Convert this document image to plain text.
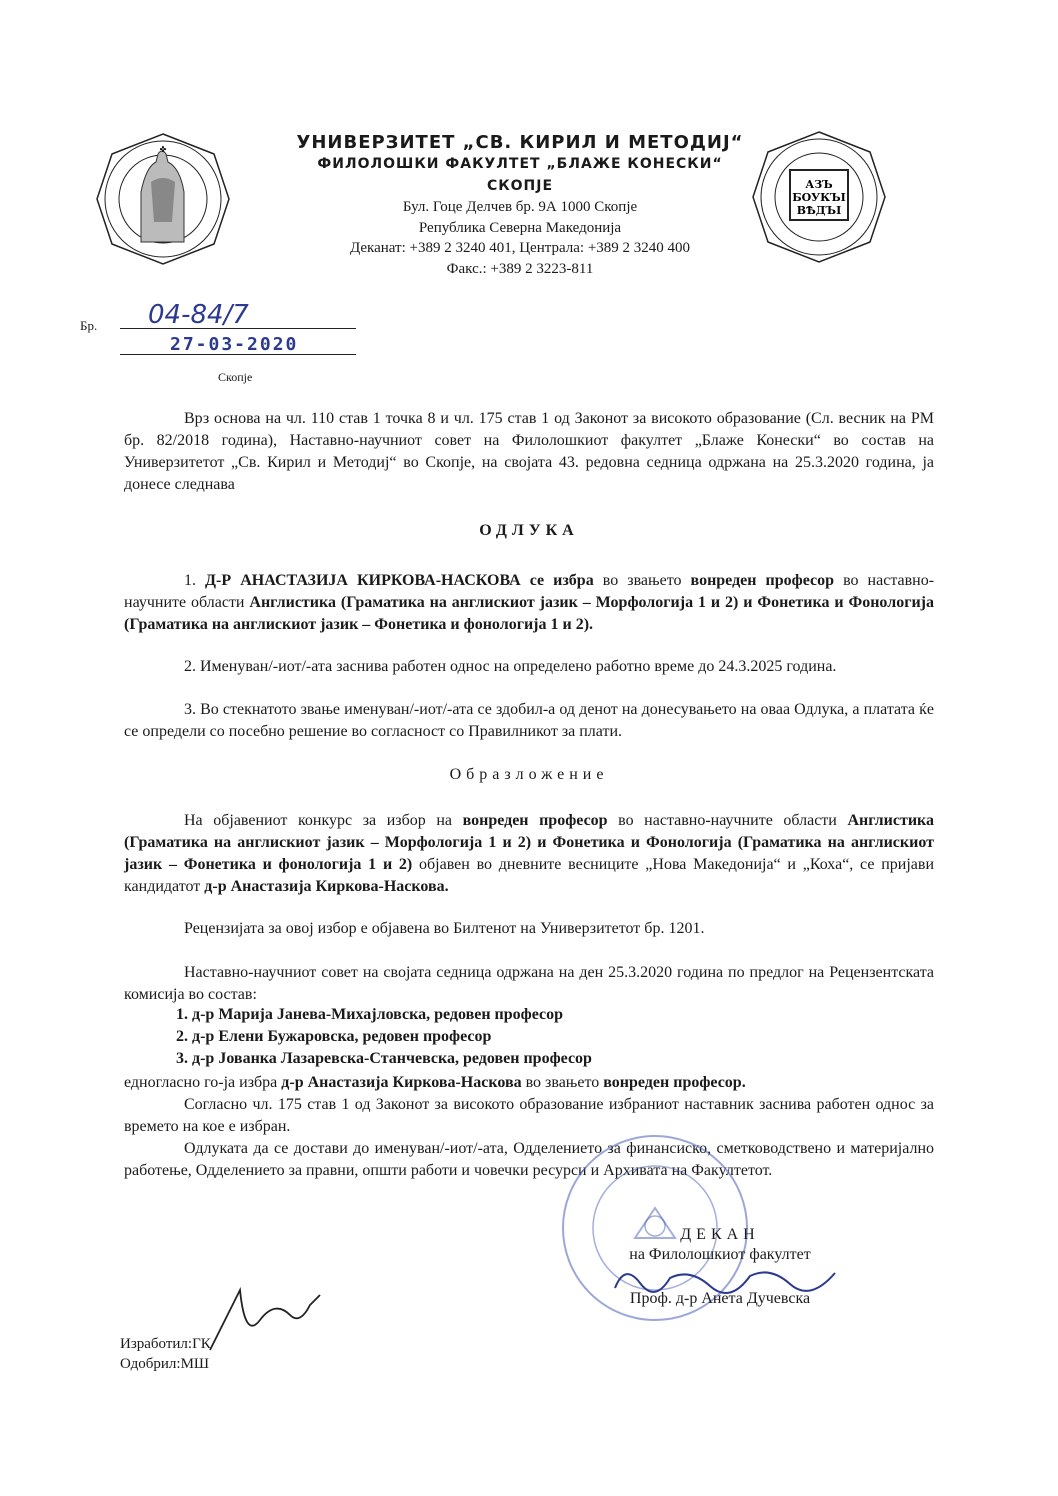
✤
АЗЪ
БОУКЪІ
ВѢДЪІ
УНИВЕРЗИТЕТ „СВ. КИРИЛ И МЕТОДИЈ“
ФИЛОЛОШКИ ФАКУЛТЕТ „БЛАЖЕ КОНЕСКИ“
СКОПЈЕ
Бул. Гоце Делчев бр. 9А 1000 Скопје
Република Северна Македонија
Деканат: +389 2 3240 401, Централа: +389 2 3240 400
Факс.: +389 2 3223-811
Бр. 04-84/7
27-03-2020
Скопје
Врз основа на чл. 110 став 1 точка 8 и чл. 175 став 1 од Законот за високото образование (Сл. весник на РМ бр. 82/2018 година), Наставно-научниот совет на Филолошкиот факултет „Блаже Конески“ во состав на Универзитетот „Св. Кирил и Методиј“ во Скопје, на својата 43. редовна седница одржана на 25.3.2020 година, ја донесе следнава
ОДЛУКА
1. Д-Р АНАСТАЗИЈА КИРКОВА-НАСКОВА се избра во звањето вонреден професор во наставно-научните области Англистика (Граматика на англискиот јазик – Морфологија 1 и 2) и Фонетика и Фонологија (Граматика на англискиот јазик – Фонетика и фонологија 1 и 2).
2. Именуван/-иот/-ата заснива работен однос на определено работно време до 24.3.2025 година.
3. Во стекнатото звање именуван/-иот/-ата се здобил-а од денот на донесувањето на оваа Одлука, а платата ќе се определи со посебно решение во согласност со Правилникот за плати.
Образложение
На објавениот конкурс за избор на вонреден професор во наставно-научните области Англистика (Граматика на англискиот јазик – Морфологија 1 и 2) и Фонетика и Фонологија (Граматика на англискиот јазик – Фонетика и фонологија 1 и 2) објавен во дневните весниците „Нова Македонија“ и „Коха“, се пријави кандидатот д-р Анастазија Киркова-Наскова.
Рецензијата за овој избор е објавена во Билтенот на Универзитетот бр. 1201.
Наставно-научниот совет на својата седница одржана на ден 25.3.2020 година по предлог на Рецензентската комисија во состав:
1. д-р Марија Јанева-Михајловска, редовен професор
2. д-р Елени Бужаровска, редовен професор
3. д-р Јованка Лазаревска-Станчевска, редовен професор
едногласно го-ја избра д-р Анастазија Киркова-Наскова во звањето вонреден професор.
Согласно чл. 175 став 1 од Законот за високото образование избраниот наставник заснива работен однос за времето на кое е избран.
Одлуката да се достави до именуван/-иот/-ата, Одделението за финансиско, сметководствено и материјално работење, Одделението за правни, општи работи и човечки ресурси и Архивата на Факултетот.
ДЕКАН
на Филолошкиот факултет
Проф. д-р Анета Дучевска
Изработил:ГК
Одобрил:МШ
